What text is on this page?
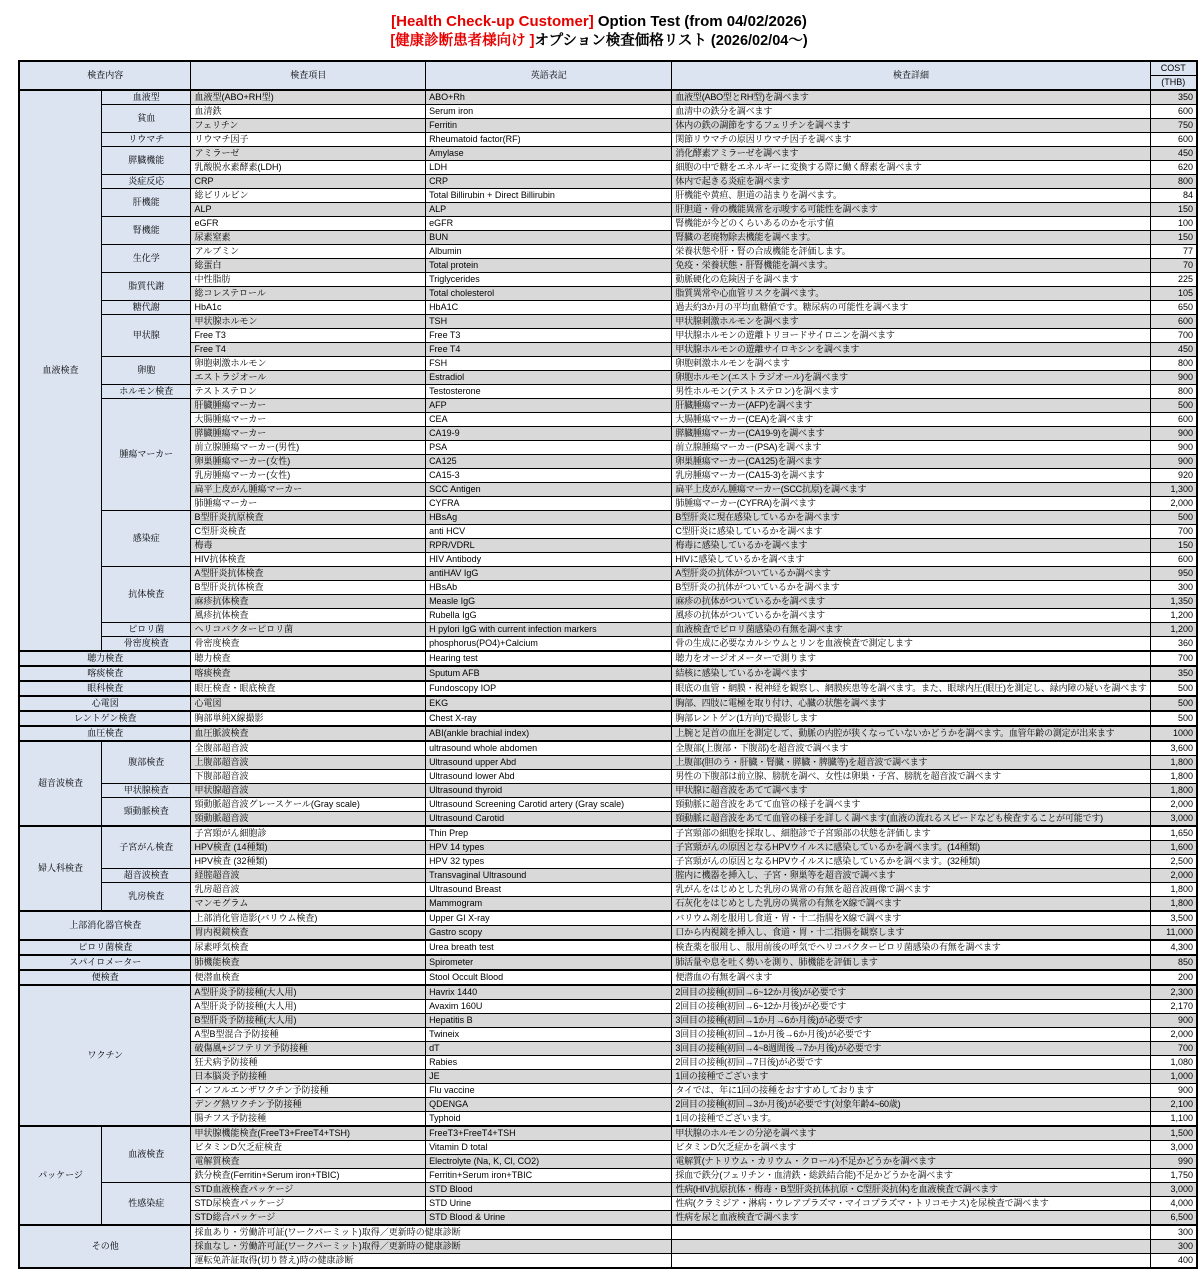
[Health Check-up Customer] Option Test (from 04/02/2026)
[健康診断患者様向け ]オプション検査価格リスト (2026/02/04～)
検査内容		検査項目	英語表記	検査詳細	COST
					(THB)
血液検査	血液型	血液型(ABO+RH型)	ABO+Rh	血液型(ABO型とRH型)を調べます	350
	貧血	血清鉄	Serum iron	血清中の鉄分を調べます	600
		フェリチン	Ferritin	体内の鉄の調節をするフェリチンを調べます	750
	リウマチ	リウマチ因子	Rheumatoid factor(RF)	関節リウマチの原因リウマチ因子を調べます	600
	膵臓機能	アミラーゼ	Amylase	消化酵素アミラーゼを調べます	450
		乳酸脱水素酵素(LDH)	LDH	細胞の中で糖をエネルギーに変換する際に働く酵素を調べます	620
	炎症反応	CRP	CRP	体内で起きる炎症を調べます	800
	肝機能	総ビリルビン	Total Billirubin + Direct Billirubin	肝機能や黄疸、胆道の詰まりを調べます。	84
		ALP	ALP	肝胆道・骨の機能異常を示唆する可能性を調べます	150
	腎機能	eGFR	eGFR	腎機能が今どのくらいあるのかを示す値	100
		尿素窒素	BUN	腎臓の老廃物除去機能を調べます。	150
	生化学	アルブミン	Albumin	栄養状態や肝・腎の合成機能を評価します。	77
		総蛋白	Total protein	免疫・栄養状態・肝腎機能を調べます。	70
	脂質代謝	中性脂肪	Triglycerides	動脈硬化の危険因子を調べます	225
		総コレステロール	Total cholesterol	脂質異常や心血管リスクを調べます。	105
	糖代謝	HbA1c	HbA1C	過去約3か月の平均血糖値です。糖尿病の可能性を調べます	650
	甲状腺	甲状腺ホルモン	TSH	甲状腺刺激ホルモンを調べます	600
		Free T3	Free T3	甲状腺ホルモンの遊離トリヨードサイロニンを調べます	700
		Free T4	Free T4	甲状腺ホルモンの遊離サイロキシンを調べます	450
	卵胞	卵胞刺激ホルモン	FSH	卵胞刺激ホルモンを調べます	800
		エストラジオール	Estradiol	卵胞ホルモン(エストラジオール)を調べます	900
	ホルモン検査	テストステロン	Testosterone	男性ホルモン(テストステロン)を調べます	800
	腫瘍マーカー	肝臓腫瘍マーカー	AFP	肝臓腫瘍マーカー(AFP)を調べます	500
		大腸腫瘍マーカー	CEA	大腸腫瘍マーカー(CEA)を調べます	600
		膵臓腫瘍マーカー	CA19-9	膵臓腫瘍マーカー(CA19-9)を調べます	900
		前立腺腫瘍マーカー(男性)	PSA	前立腺腫瘍マーカー(PSA)を調べます	900
		卵巣腫瘍マーカー(女性)	CA125	卵巣腫瘍マーカー(CA125)を調べます	900
		乳房腫瘍マーカー(女性)	CA15-3	乳房腫瘍マーカー(CA15-3)を調べます	920
		扁平上皮がん腫瘍マーカー	SCC Antigen	扁平上皮がん腫瘍マーカー(SCC抗原)を調べます	1,300
		肺腫瘍マーカー	CYFRA	肺腫瘍マーカー(CYFRA)を調べます	2,000
	感染症	B型肝炎抗原検査	HBsAg	B型肝炎に現在感染しているかを調べます	500
		C型肝炎検査	anti HCV	C型肝炎に感染しているかを調べます	700
		梅毒	RPR/VDRL	梅毒に感染しているかを調べます	150
		HIV抗体検査	HIV Antibody	HIVに感染しているかを調べます	600
	抗体検査	A型肝炎抗体検査	antiHAV IgG	A型肝炎の抗体がついているか調べます	950
		B型肝炎抗体検査	HBsAb	B型肝炎の抗体がついているかを調べます	300
		麻疹抗体検査	Measle IgG	麻疹の抗体がついているかを調べます	1,350
		風疹抗体検査	Rubella IgG	風疹の抗体がついているかを調べます	1,200
	ピロリ菌	ヘリコバクターピロリ菌	H pylori IgG with current infection markers	血液検査でピロリ菌感染の有無を調べます	1,200
	骨密度検査	骨密度検査	phosphorus(PO4)+Calcium	骨の生成に必要なカルシウムとリンを血液検査で測定します	360
聴力検査		聴力検査	Hearing test	聴力をオージオメーターで測ります	700
喀痰検査		喀痰検査	Sputum AFB	結核に感染しているかを調べます	350
眼科検査		眼圧検査・眼底検査	Fundoscopy IOP	眼底の血管・網膜・視神経を観察し、網膜疾患等を調べます。また、眼球内圧(眼圧)を測定し、緑内障の疑いを調べます	500
心電図		心電図	EKG	胸部、四肢に電極を取り付け、心臓の状態を調べます	500
レントゲン検査		胸部単純X線撮影	Chest X-ray	胸部レントゲン(1方向)で撮影します	500
血圧検査		血圧脈波検査	ABI(ankle brachial index)	上腕と足首の血圧を測定して、動脈の内腔が狭くなっていないかどうかを調べます。血管年齢の測定が出来ます	1000
超音波検査	腹部検査	全腹部超音波	ultrasound whole abdomen	全腹部(上腹部・下腹部)を超音波で調べます	3,600
		上腹部超音波	Ultrasound upper Abd	上腹部(胆のう・肝臓・腎臓・膵臓・脾臓等)を超音波で調べます	1,800
		下腹部超音波	Ultrasound lower Abd	男性の下腹部は前立腺、膀胱を調べ、女性は卵巣・子宮、膀胱を超音波で調べます	1,800
	甲状腺検査	甲状腺超音波	Ultrasound thyroid	甲状腺に超音波をあてて調べます	1,800
	頸動脈検査	頸動脈超音波グレースケール(Gray scale)	Ultrasound Screening Carotid artery (Gray scale)	頸動脈に超音波をあてて血管の様子を調べます	2,000
		頸動脈超音波	Ultrasound Carotid	頸動脈に超音波をあてて血管の様子を詳しく調べます(血液の流れるスピードなども検査することが可能です)	3,000
婦人科検査	子宮がん検査	子宮頸がん細胞診	Thin Prep	子宮頸部の細胞を採取し、細胞診で子宮頸部の状態を評価します	1,650
		HPV検査 (14種類)	HPV 14 types	子宮頸がんの原因となるHPVウイルスに感染しているかを調べます。(14種類)	1,600
		HPV検査 (32種類)	HPV 32 types	子宮頸がんの原因となるHPVウイルスに感染しているかを調べます。(32種類)	2,500
	超音波検査	経腟超音波	Transvaginal Ultrasound	腟内に機器を挿入し、子宮・卵巣等を超音波で調べます	2,000
	乳房検査	乳房超音波	Ultrasound Breast	乳がんをはじめとした乳房の異常の有無を超音波画像で調べます	1,800
		マンモグラム	Mammogram	石灰化をはじめとした乳房の異常の有無をX線で調べます	1,800
上部消化器官検査		上部消化管造影(バリウム検査)	Upper GI X-ray	バリウム剤を服用し食道・胃・十二指腸をX線で調べます	3,500
		胃内視鏡検査	Gastro scopy	口から内視鏡を挿入し、食道・胃・十二指腸を観察します	11,000
ピロリ菌検査		尿素呼気検査	Urea breath test	検査薬を服用し、服用前後の呼気でヘリコバクターピロリ菌感染の有無を調べます	4,300
スパイロメーター		肺機能検査	Spirometer	肺活量や息を吐く勢いを測り、肺機能を評価します	850
便検査		便潜血検査	Stool Occult Blood	便潜血の有無を調べます	200
ワクチン		A型肝炎予防接種(大人用)	Havrix 1440	2回目の接種(初回→6~12か月後)が必要です	2,300
		A型肝炎予防接種(大人用)	Avaxim 160U	2回目の接種(初回→6~12か月後)が必要です	2,170
		B型肝炎予防接種(大人用)	Hepatitis B	3回目の接種(初回→1か月→6か月後)が必要です	900
		A型B型混合予防接種	Twineix	3回目の接種(初回→1か月後→6か月後)が必要です	2,000
		破傷風+ジフテリア予防接種	dT	3回目の接種(初回→4~8週間後→7か月後)が必要です	700
		狂犬病予防接種	Rabies	2回目の接種(初回→7日後)が必要です	1,080
		日本脳炎予防接種	JE	1回の接種でございます	1,000
		インフルエンザワクチン予防接種	Flu vaccine	タイでは、年に1回の接種をおすすめしております	900
		デング熱ワクチン予防接種	QDENGA	2回目の接種(初回→3か月後)が必要です(対象年齢4~60歳)	2,100
		腸チフス予防接種	Typhoid	1回の接種でございます。	1,100
パッケージ	血液検査	甲状腺機能検査(FreeT3+FreeT4+TSH)	FreeT3+FreeT4+TSH	甲状腺のホルモンの分泌を調べます	1,500
		ビタミンD欠乏症検査	Vitamin D total	ビタミンD欠乏症かを調べます	3,000
		電解質検査	Electrolyte (Na, K, Cl, CO2)	電解質(ナトリウム・カリウム・クロール)不足かどうかを調べます	990
		鉄分検査(Ferritin+Serum iron+TBIC)	Ferritin+Serum iron+TBIC	採血で鉄分(フェリチン・血清鉄・総鉄結合能)不足かどうかを調べます	1,750
	性感染症	STD血液検査パッケージ	STD Blood	性病(HIV抗原抗体・梅毒・B型肝炎抗体抗原・C型肝炎抗体)を血液検査で調べます	3,000
		STD尿検査パッケージ	STD Urine	性病(クラミジア・淋病・ウレアプラズマ・マイコプラズマ・トリコモナス)を尿検査で調べます	4,000
		STD総合パッケージ	STD Blood & Urine	性病を尿と血液検査で調べます	6,500
その他		採血あり・労働許可証(ワークパーミット)取得／更新時の健康診断			300
		採血なし・労働許可証(ワークパーミット)取得／更新時の健康診断			300
		運転免許証取得(切り替え)時の健康診断			400
